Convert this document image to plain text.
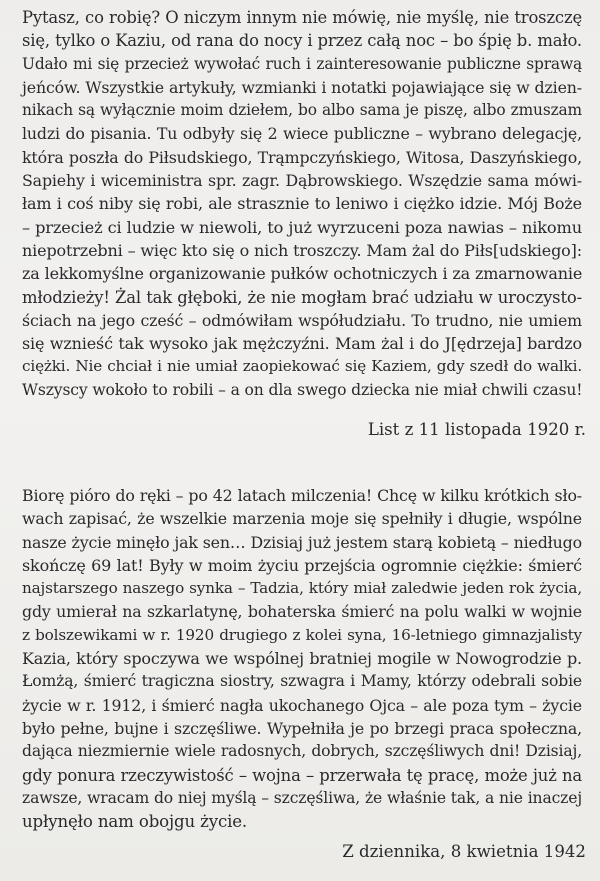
Pytasz, co robię? O niczym innym nie mówię, nie myślę, nie troszczę
się, tylko o Kaziu, od rana do nocy i przez całą noc – bo śpię b. mało.
Udało mi się przecież wywołać ruch i zainteresowanie publiczne sprawą
jeńców. Wszystkie artykuły, wzmianki i notatki pojawiające się w dzien-
nikach są wyłącznie moim dziełem, bo albo sama je piszę, albo zmuszam
ludzi do pisania. Tu odbyły się 2 wiece publiczne – wybrano delegację,
która poszła do Piłsudskiego, Trąmpczyńskiego, Witosa, Daszyńskiego,
Sapiehy i wiceministra spr. zagr. Dąbrowskiego. Wszędzie sama mówi-
łam i coś niby się robi, ale strasznie to leniwo i ciężko idzie. Mój Boże
– przecież ci ludzie w niewoli, to już wyrzuceni poza nawias – nikomu
niepotrzebni – więc kto się o nich troszczy. Mam żal do Piłs[udskiego]:
za lekkomyślne organizowanie pułków ochotniczych i za zmarnowanie
młodzieży! Żal tak głęboki, że nie mogłam brać udziału w uroczysto-
ściach na jego cześć – odmówiłam współudziału. To trudno, nie umiem
się wznieść tak wysoko jak mężczyźni. Mam żal i do J[ędrzeja] bardzo
ciężki. Nie chciał i nie umiał zaopiekować się Kaziem, gdy szedł do walki.
Wszyscy wokoło to robili – a on dla swego dziecka nie miał chwili czasu!
List z 11 listopada 1920 r.
Biorę pióro do ręki – po 42 latach milczenia! Chcę w kilku krótkich sło-
wach zapisać, że wszelkie marzenia moje się spełniły i długie, wspólne
nasze życie minęło jak sen… Dzisiaj już jestem starą kobietą – niedługo
skończę 69 lat! Były w moim życiu przejścia ogromnie ciężkie: śmierć
najstarszego naszego synka – Tadzia, który miał zaledwie jeden rok życia,
gdy umierał na szkarlatynę, bohaterska śmierć na polu walki w wojnie
z bolszewikami w r. 1920 drugiego z kolei syna, 16-letniego gimnazjalisty
Kazia, który spoczywa we wspólnej bratniej mogile w Nowogrodzie p.
Łomżą, śmierć tragiczna siostry, szwagra i Mamy, którzy odebrali sobie
życie w r. 1912, i śmierć nagła ukochanego Ojca – ale poza tym – życie
było pełne, bujne i szczęśliwe. Wypełniła je po brzegi praca społeczna,
dająca niezmiernie wiele radosnych, dobrych, szczęśliwych dni! Dzisiaj,
gdy ponura rzeczywistość – wojna – przerwała tę pracę, może już na
zawsze, wracam do niej myślą – szczęśliwa, że właśnie tak, a nie inaczej
upłynęło nam obojgu życie.
Z dziennika, 8 kwietnia 1942
